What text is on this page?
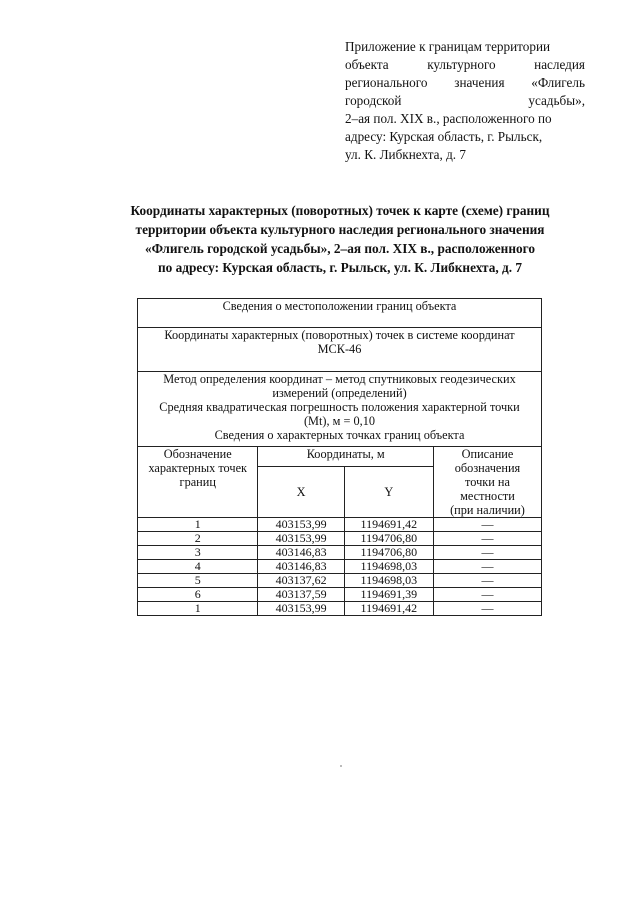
Приложение к границам территории
объекта	культурного	наследия
регионального значения «Флигель
городской	усадьбы»,
2–ая пол. XIX в., расположенного по
адресу: Курская область, г. Рыльск,
ул. К. Либкнехта, д. 7
Координаты характерных (поворотных) точек к карте (схеме) границ
территории объекта культурного наследия регионального значения
«Флигель городской усадьбы», 2–ая пол. XIX в., расположенного
по адресу: Курская область, г. Рыльск, ул. К. Либкнехта, д. 7
Сведения о местоположении границ объекта			

Координаты характерных (поворотных) точек в системе координат
МСК-46			

Метод определения координат – метод спутниковых геодезических
измерений (определений)
Средняя квадратическая погрешность положения характерной точки
(Mt), м = 0,10
Сведения о характерных точках границ объекта			

Обозначение
характерных точек
границ	Координаты, м		Описание
обозначения
точки на
местности
(при наличии)

	X	Y	
1	403153,99	1194691,42	—
2	403153,99	1194706,80	—
3	403146,83	1194706,80	—
4	403146,83	1194698,03	—
5	403137,62	1194698,03	—
6	403137,59	1194691,39	—
1	403153,99	1194691,42	—
